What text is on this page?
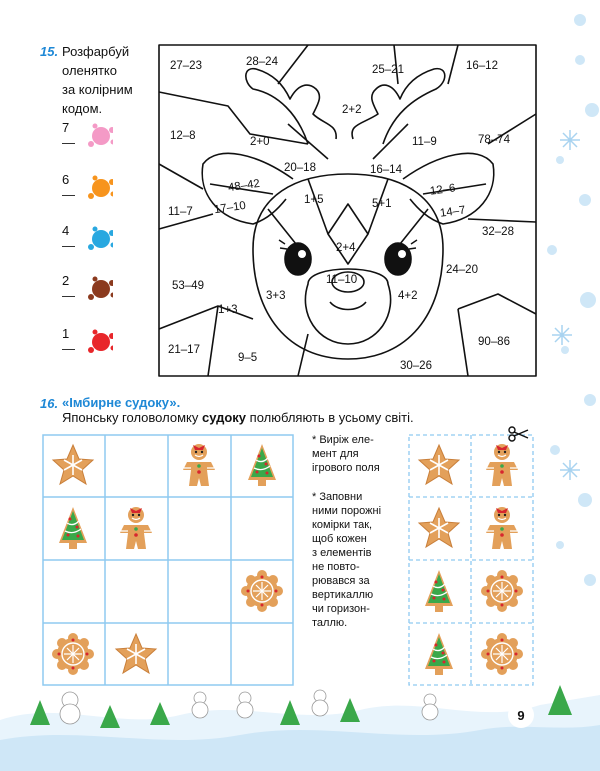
15. Розфарбуй
оленятко
за колірним
кодом.
7 —
6 —
4 —
2 —
1 —
27–23	28–24
25–21	16–12
2+2
12–8	2+0	11–9	78–74
20–18	16–14
48–42	12–6
17–10	14–7
11–7
1+5	5+1
32–28
2+4
24–20
53–49	11–10
3+3	4+2
1+3
21–17
9–5
90–86
30–26
16. «Імбирне судоку».
Японську головоломку судоку полюбляють в усьому світі.
* Виріж еле-
мент для
ігрового поля
* Заповни
ними порожні
комірки так,
щоб кожен
з елементів
не повто-
рювався за
вертикаллю
чи горизон-
таллю.
9
